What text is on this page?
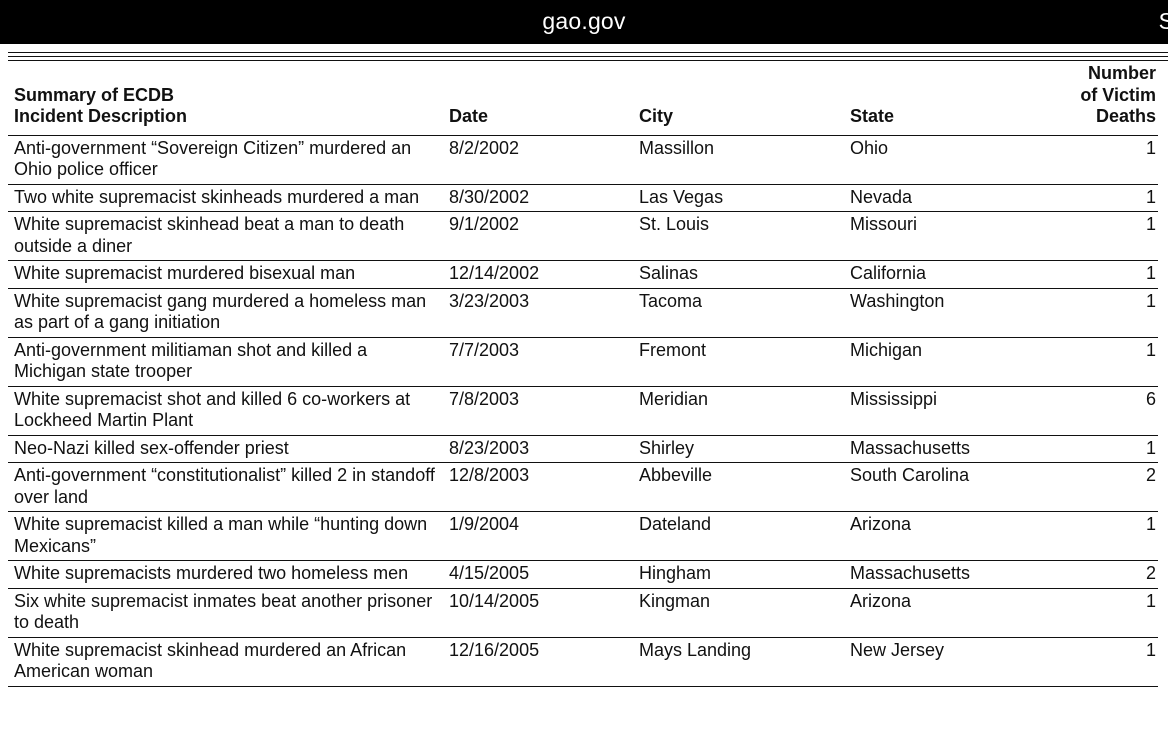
gao.gov	S
Summary of ECDB
Incident Description	Date	City	State	Number
of Victim
Deaths
Anti-government “Sovereign Citizen” murdered an Ohio police officer	8/2/2002	Massillon	Ohio	1
Two white supremacist skinheads murdered a man	8/30/2002	Las Vegas	Nevada	1
White supremacist skinhead beat a man to death outside a diner	9/1/2002	St. Louis	Missouri	1
White supremacist murdered bisexual man	12/14/2002	Salinas	California	1
White supremacist gang murdered a homeless man as part of a gang initiation	3/23/2003	Tacoma	Washington	1
Anti-government militiaman shot and killed a Michigan state trooper	7/7/2003	Fremont	Michigan	1
White supremacist shot and killed 6 co-workers at Lockheed Martin Plant	7/8/2003	Meridian	Mississippi	6
Neo-Nazi killed sex-offender priest	8/23/2003	Shirley	Massachusetts	1
Anti-government “constitutionalist” killed 2 in standoff over land	12/8/2003	Abbeville	South Carolina	2
White supremacist killed a man while “hunting down Mexicans”	1/9/2004	Dateland	Arizona	1
White supremacists murdered two homeless men	4/15/2005	Hingham	Massachusetts	2
Six white supremacist inmates beat another prisoner to death	10/14/2005	Kingman	Arizona	1
White supremacist skinhead murdered an African American woman	12/16/2005	Mays Landing	New Jersey	1
